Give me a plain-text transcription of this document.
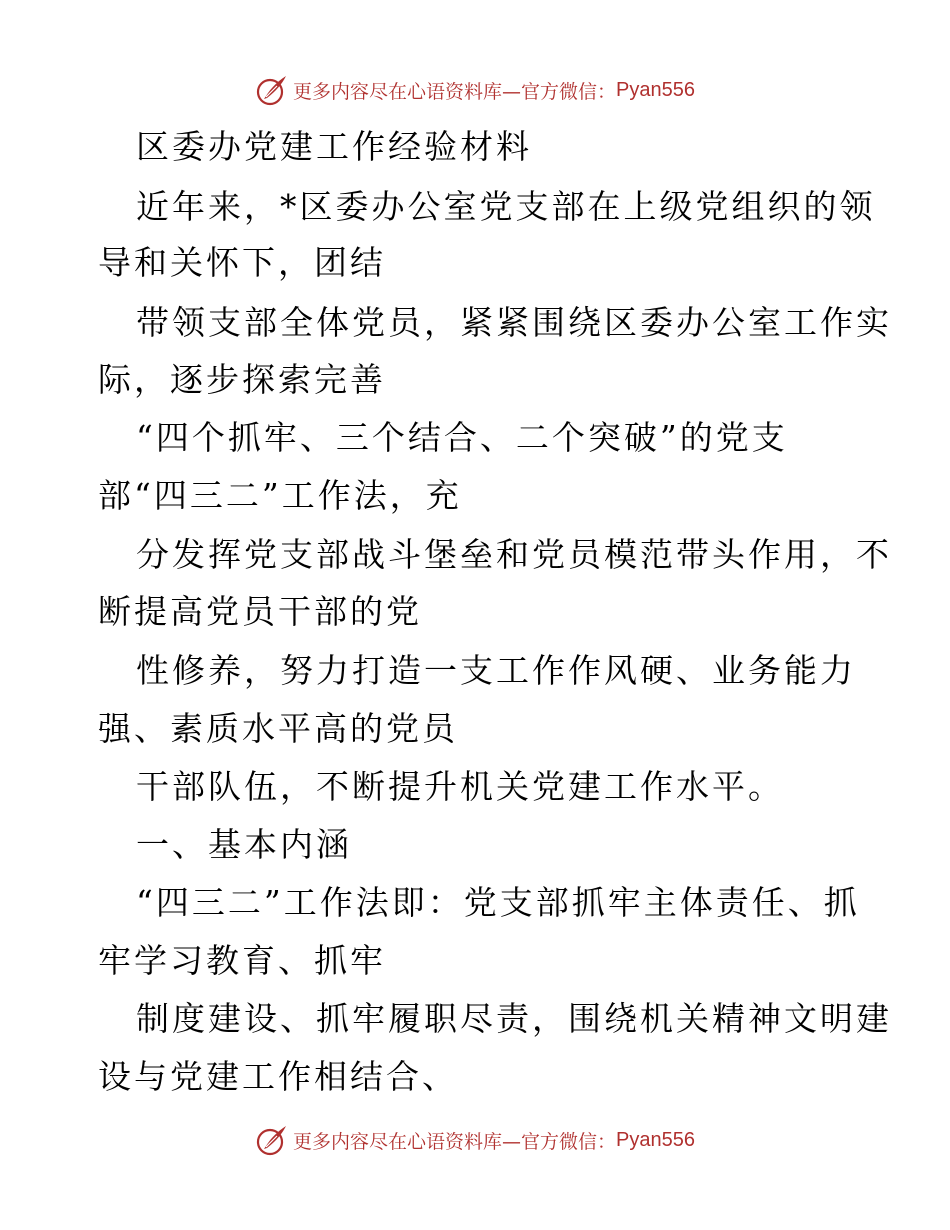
更多内容尽在心语资料库—官方微信： Pyan556
区委办党建工作经验材料
近年来，*区委办公室党支部在上级党组织的领
导和关怀下，团结
带领支部全体党员，紧紧围绕区委办公室工作实
际，逐步探索完善
“四个抓牢、三个结合、二个突破”的党支
部“四三二”工作法，充
分发挥党支部战斗堡垒和党员模范带头作用，不
断提高党员干部的党
性修养，努力打造一支工作作风硬、业务能力
强、素质水平高的党员
干部队伍，不断提升机关党建工作水平。
一、基本内涵
“四三二”工作法即：党支部抓牢主体责任、抓
牢学习教育、抓牢
制度建设、抓牢履职尽责，围绕机关精神文明建
设与党建工作相结合、
更多内容尽在心语资料库—官方微信： Pyan556
